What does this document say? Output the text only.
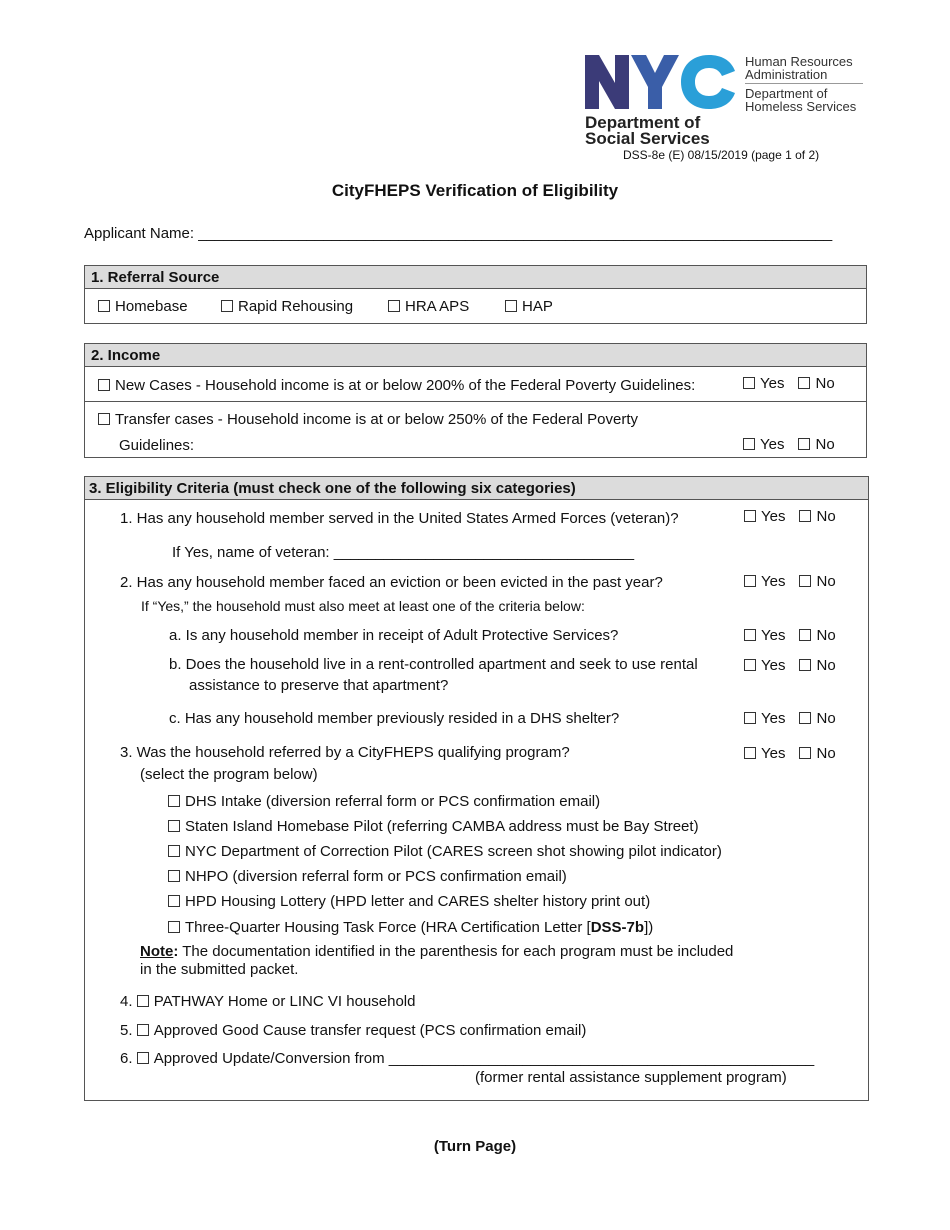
Human Resources
Administration
Department of
Homeless Services
Department of
Social Services
DSS-8e (E) 08/15/2019 (page 1 of 2)
CityFHEPS Verification of Eligibility
Applicant Name: ____________________________________________________________________________
1. Referral Source
Homebase	Rapid Rehousing	HRA APS	HAP
2. Income
New Cases - Household income is at or below 200% of the Federal Poverty Guidelines:	Yes No
Transfer cases - Household income is at or below 250% of the Federal Poverty
Guidelines:	Yes No
3. Eligibility Criteria (must check one of the following six categories)
1. Has any household member served in the United States Armed Forces (veteran)?	Yes No
If Yes, name of veteran: ____________________________________
2. Has any household member faced an eviction or been evicted in the past year?	Yes No
If “Yes,” the household must also meet at least one of the criteria below:
a. Is any household member in receipt of Adult Protective Services?	Yes No
b. Does the household live in a rent-controlled apartment and seek to use rental
assistance to preserve that apartment?
Yes No
c. Has any household member previously resided in a DHS shelter?	Yes No
3. Was the household referred by a CityFHEPS qualifying program?	Yes No
(select the program below)
DHS Intake (diversion referral form or PCS confirmation email)
Staten Island Homebase Pilot (referring CAMBA address must be Bay Street)
NYC Department of Correction Pilot (CARES screen shot showing pilot indicator)
NHPO (diversion referral form or PCS confirmation email)
HPD Housing Lottery (HPD letter and CARES shelter history print out)
Three-Quarter Housing Task Force (HRA Certification Letter [DSS-7b])
Note: The documentation identified in the parenthesis for each program must be included
in the submitted packet.
4. PATHWAY Home or LINC VI household
5. Approved Good Cause transfer request (PCS confirmation email)
6. Approved Update/Conversion from ___________________________________________________
(former rental assistance supplement program)
(Turn Page)
